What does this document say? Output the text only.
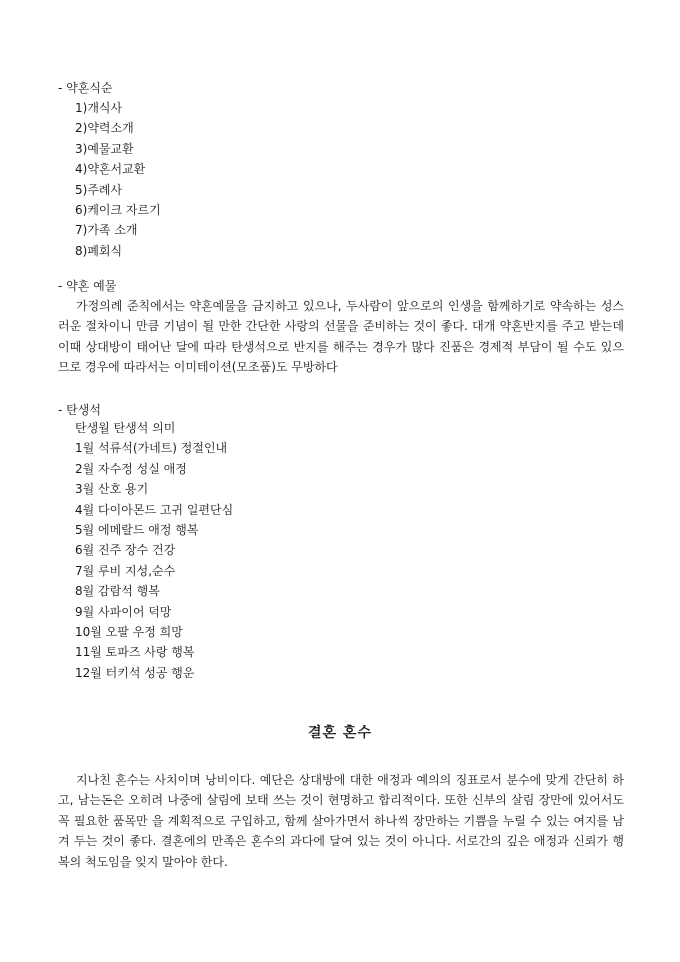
- 약혼식순
1)개식사
2)약력소개
3)예물교환
4)약혼서교환
5)주례사
6)케이크 자르기
7)가족 소개
8)폐회식
- 약혼 예물

가정의례 준칙에서는 약혼예물을 금지하고 있으나, 두사람이 앞으로의 인생을 함께하기로 약속하는 성스러운 절차이니 만큼 기념이 될 만한 간단한 사랑의 선물을 준비하는 것이 좋다. 대개 약혼반지를 주고 받는데 이때 상대방이 태어난 달에 따라 탄생석으로 반지를 해주는 경우가 많다 진품은 경제적 부담이 될 수도 있으므로 경우에 따라서는 이미테이션(모조품)도 무방하다

- 탄생석
탄생월 탄생석 의미
1월 석류석(가네트) 정절인내
2월 자수정 성실 애정
3월 산호 용기
4월 다이아몬드 고귀 일편단심
5월 에메랄드 애정 행복
6월 진주 장수 건강
7월 루비 지성,순수
8월 감람석 행복
9월 사파이어 덕망
10월 오팔 우정 희망
11월 토파즈 사랑 행복
12월 터키석 성공 행운
결혼 혼수

지나친 혼수는 사치이며 낭비이다. 예단은 상대방에 대한 애정과 예의의 징표로서 분수에 맞게 간단히 하고, 남는돈은 오히려 나중에 살림에 보태 쓰는 것이 현명하고 합리적이다. 또한 신부의 살림 장만에 있어서도 꼭 필요한 품목만 을 계획적으로 구입하고, 함께 살아가면서 하나씩 장만하는 기쁨을 누릴 수 있는 여지를 남겨 두는 것이 좋다. 결혼에의 만족은 혼수의 과다에 달여 있는 것이 아니다. 서로간의 깊은 애정과 신뢰가 행복의 척도임을 잊지 말아야 한다.
